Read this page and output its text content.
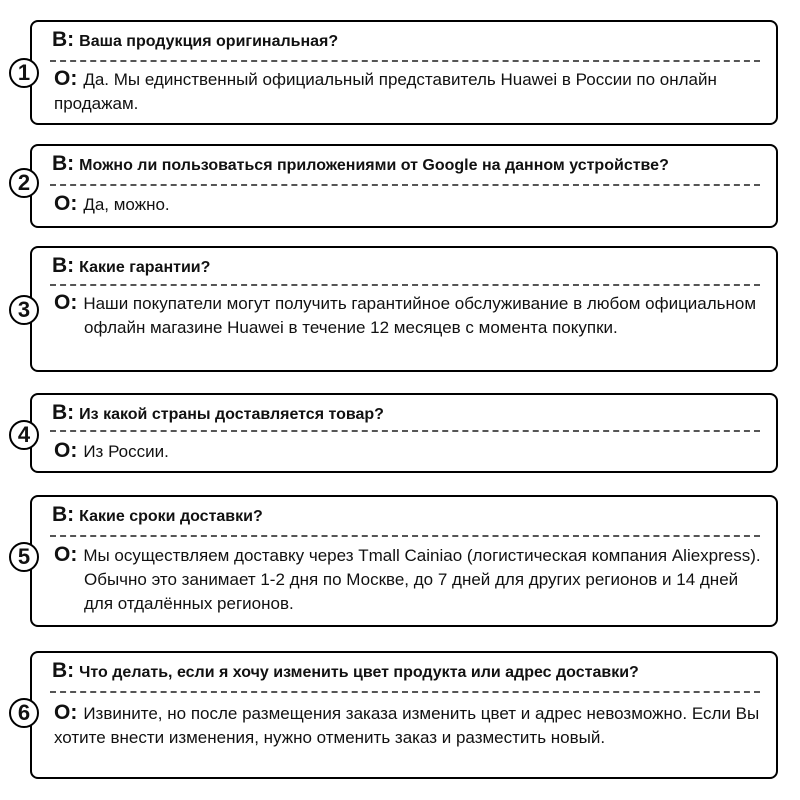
1
В: Ваша продукция оригинальная?
О: Да. Мы единственный официальный представитель Huawei в России по онлайн продажам.
2
В: Можно ли пользоваться приложениями от Google на данном устройстве?
О: Да, можно.
3
В: Какие гарантии?
О: Наши покупатели могут получить гарантийное обслуживание в любом официальном офлайн магазине Huawei в течение 12 месяцев с момента покупки.
4
В: Из какой страны доставляется товар?
О: Из России.
5
В: Какие сроки доставки?
О: Мы осуществляем доставку через Tmall Cainiao (логистическая компания Aliexpress). Обычно это занимает 1-2 дня по Москве, до 7 дней для других регионов и 14 дней для отдалённых регионов.
6
В: Что делать, если я хочу изменить цвет продукта или адрес доставки?
О: Извините, но после размещения заказа изменить цвет и адрес невозможно. Если Вы хотите внести изменения, нужно отменить заказ и разместить новый.
